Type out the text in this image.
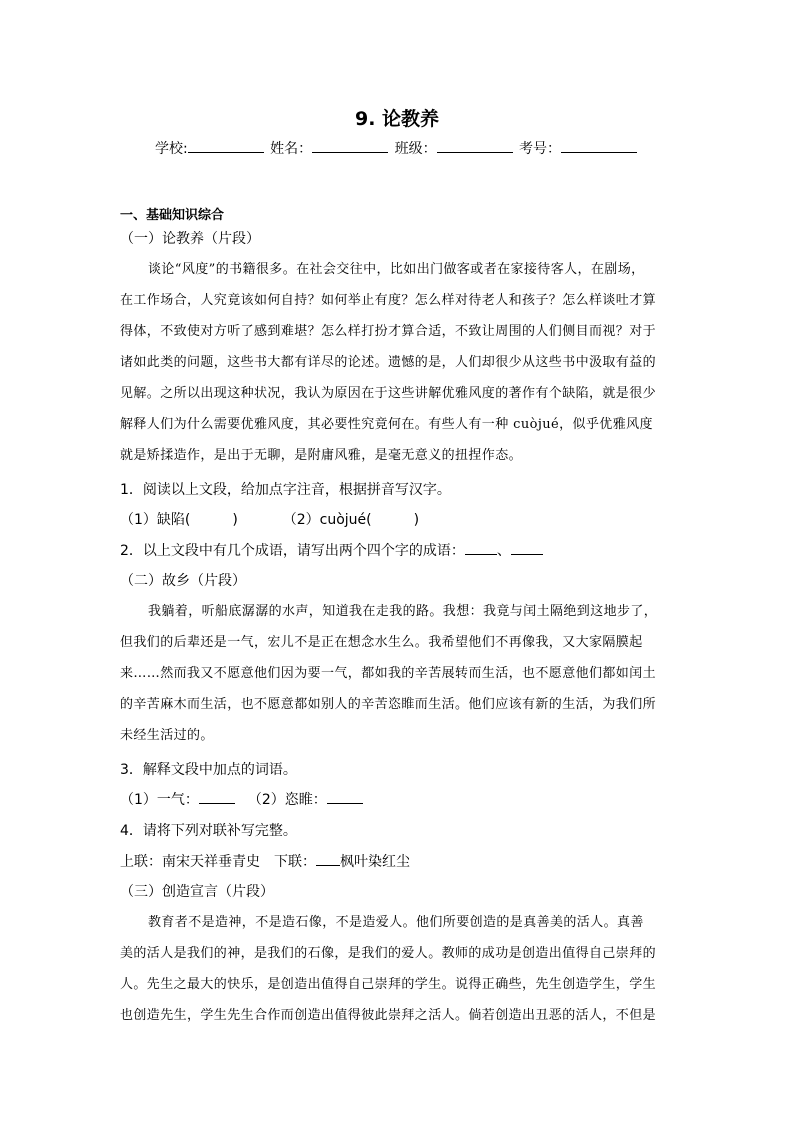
9. 论教养
学校:	姓名：	班级：	考号：
一、基础知识综合
（一）论教养（片段）
谈论“风度”的书籍很多。在社会交往中，比如出门做客或者在家接待客人，在剧场，
在工作场合，人究竟该如何自持？如何举止有度？怎么样对待老人和孩子？怎么样谈吐才算
得体，不致使对方听了感到难堪？怎么样打扮才算合适，不致让周围的人们侧目而视？对于
诸如此类的问题，这些书大都有详尽的论述。遗憾的是，人们却很少从这些书中汲取有益的
见解。之所以出现这种状况，我认为原因在于这些讲解优雅风度的著作有个缺陷，就是很少
解释人们为什么需要优雅风度，其必要性究竟何在。有些人有一种 cuòjué，似乎优雅风度
就是矫揉造作，是出于无聊，是附庸风雅，是毫无意义的扭捏作态。
1．阅读以上文段，给加点字注音，根据拼音写汉字。
（1）缺陷(　　　)	（2）cuòjué(　　　)
2．以上文段中有几个成语，请写出两个四个字的成语： 、
（二）故乡（片段）
我躺着，听船底潺潺的水声，知道我在走我的路。我想：我竟与闰土隔绝到这地步了，
但我们的后辈还是一气，宏儿不是正在想念水生么。我希望他们不再像我，又大家隔膜起
来……然而我又不愿意他们因为要一气，都如我的辛苦展转而生活，也不愿意他们都如闰土
的辛苦麻木而生活，也不愿意都如别人的辛苦恣睢而生活。他们应该有新的生活，为我们所
未经生活过的。
3．解释文段中加点的词语。
（1）一气：	（2）恣睢：
4．请将下列对联补写完整。
上联：南宋天祥垂青史　下联： 枫叶染红尘
（三）创造宣言（片段）
教育者不是造神，不是造石像，不是造爱人。他们所要创造的是真善美的活人。真善
美的活人是我们的神，是我们的石像，是我们的爱人。教师的成功是创造出值得自己崇拜的
人。先生之最大的快乐，是创造出值得自己崇拜的学生。说得正确些，先生创造学生，学生
也创造先生，学生先生合作而创造出值得彼此崇拜之活人。倘若创造出丑恶的活人，不但是
